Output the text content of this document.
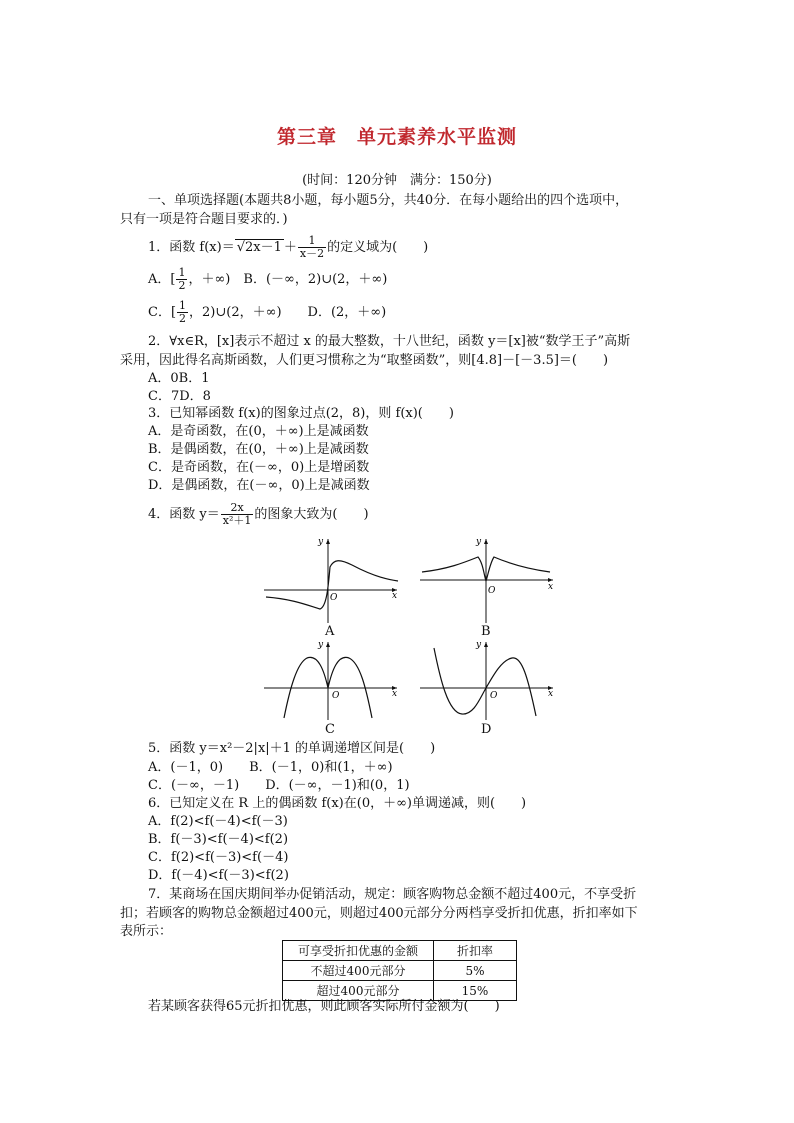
第三章　单元素养水平监测
(时间：120分钟　满分：150分)
一、单项选择题(本题共8小题，每小题5分，共40分．在每小题给出的四个选项中，
只有一项是符合题目要求的．)
1．函数 $f(x)= √2x-1 + \frac{1}{x-2}$ 的定义域为(　　)
A．[ $\frac{1}{2}$ ，＋∞)　 B．(－∞，2)∪(2，＋∞)
C．[ $\frac{1}{2}$ ，2)∪(2，＋∞)　　 D．(2，＋∞)
2．∀x∈R，[x]表示不超过 x 的最大整数，十八世纪，函数 y＝[x]被“数学王子”高斯
采用，因此得名高斯函数，人们更习惯称之为“取整函数”，则[4.8]－[－3.5]＝(　　)
A．0B．1
C．7D．8
3．已知幂函数 f(x)的图象过点(2，8)，则 f(x)(　　)
A．是奇函数，在(0，＋∞)上是减函数
B．是偶函数，在(0，＋∞)上是减函数
C．是奇函数，在(－∞，0)上是增函数
D．是偶函数，在(－∞，0)上是减函数
4．函数 $y= \frac{2x}{\text{x²＋1}}$ 的图象大致为(　　)
y
x
O
A
y
x
O
B
y
x
O
C
y
x
O
D
5．函数 y＝x²－2|x|＋1 的单调递增区间是(　　)
A．(－1，0)　　B．(－1，0)和(1，＋∞)
C．(－∞，－1)　　D．(－∞，－1)和(0，1)
6．已知定义在 R 上的偶函数 f(x)在(0，＋∞)单调递减，则(　　)
A．f(2)<f(－4)<f(－3)
B．f(－3)<f(－4)<f(2)
C．f(2)<f(－3)<f(－4)
D．f(－4)<f(－3)<f(2)
7．某商场在国庆期间举办促销活动，规定：顾客购物总金额不超过400元，不享受折
扣；若顾客的购物总金额超过400元，则超过400元部分分两档享受折扣优惠，折扣率如下
表所示：
可享受折扣优惠的金额	折扣率
不超过400元部分	5%
超过400元部分	15%
若某顾客获得65元折扣优惠，则此顾客实际所付金额为(　　)
